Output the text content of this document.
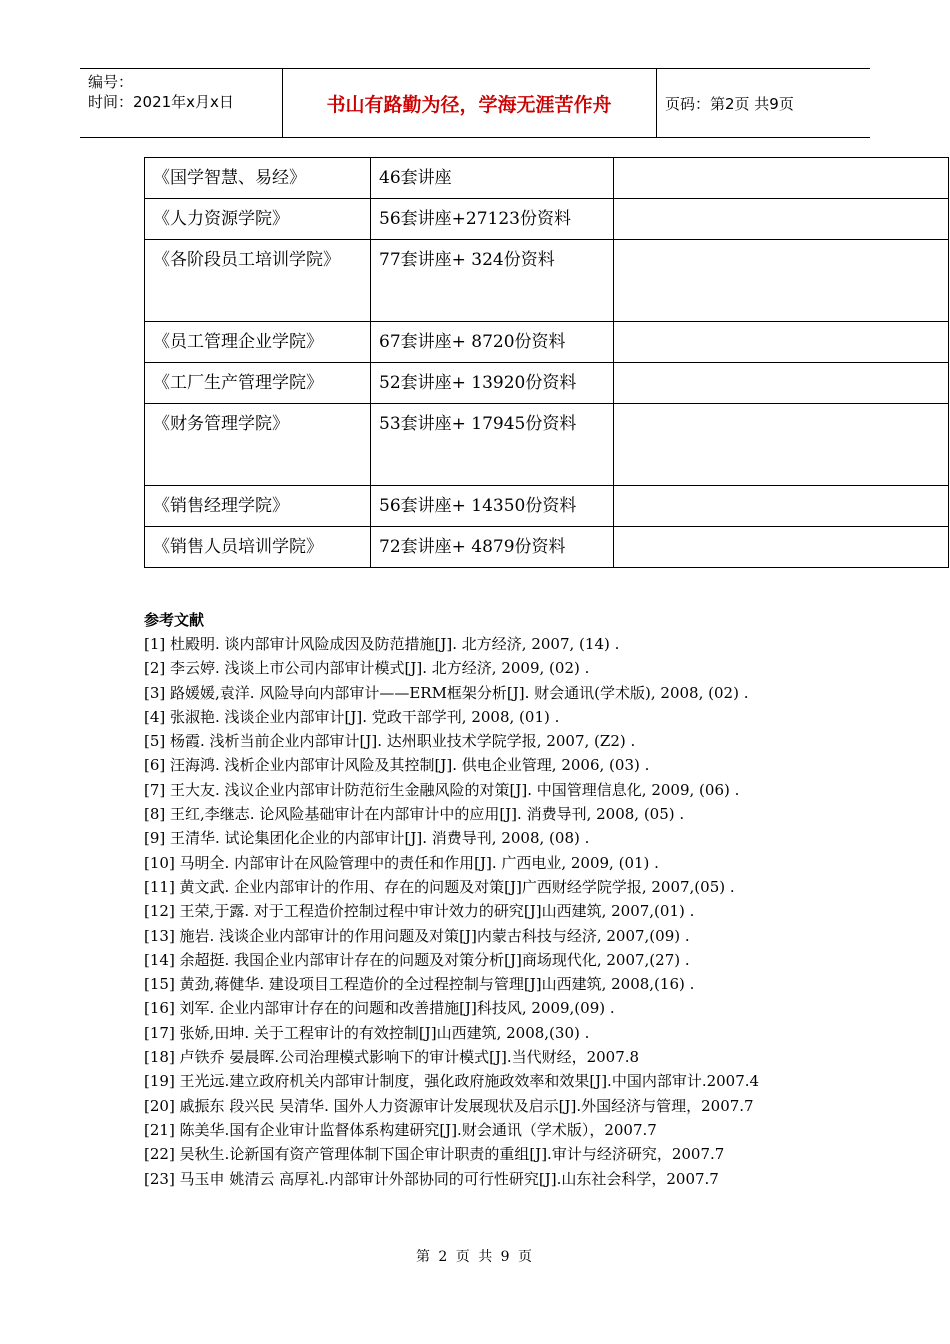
编号：
时间：2021年x月x日	书山有路勤为径，学海无涯苦作舟	页码：第2页 共9页
《国学智慧、易经》	46套讲座	
《人力资源学院》	56套讲座+27123份资料	
《各阶段员工培训学院》	77套讲座+ 324份资料	
《员工管理企业学院》	67套讲座+ 8720份资料	
《工厂生产管理学院》	52套讲座+ 13920份资料	
《财务管理学院》	53套讲座+ 17945份资料	
《销售经理学院》	56套讲座+ 14350份资料	
《销售人员培训学院》	72套讲座+ 4879份资料	
参考文献
[1] 杜殿明. 谈内部审计风险成因及防范措施[J]. 北方经济, 2007, (14) .
[2] 李云婷. 浅谈上市公司内部审计模式[J]. 北方经济, 2009, (02) .
[3] 路媛媛,袁洋. 风险导向内部审计——ERM框架分析[J]. 财会通讯(学术版), 2008, (02) .
[4] 张淑艳. 浅谈企业内部审计[J]. 党政干部学刊, 2008, (01) .
[5] 杨霞. 浅析当前企业内部审计[J]. 达州职业技术学院学报, 2007, (Z2) .
[6] 汪海鸿. 浅析企业内部审计风险及其控制[J]. 供电企业管理, 2006, (03) .
[7] 王大友. 浅议企业内部审计防范衍生金融风险的对策[J]. 中国管理信息化, 2009, (06) .
[8] 王红,李继志. 论风险基础审计在内部审计中的应用[J]. 消费导刊, 2008, (05) .
[9] 王清华. 试论集团化企业的内部审计[J]. 消费导刊, 2008, (08) .
[10] 马明全. 内部审计在风险管理中的责任和作用[J]. 广西电业, 2009, (01) .
[11] 黄文武. 企业内部审计的作用、存在的问题及对策[J]广西财经学院学报, 2007,(05) .
[12] 王荣,于露. 对于工程造价控制过程中审计效力的研究[J]山西建筑, 2007,(01) .
[13] 施岩. 浅谈企业内部审计的作用问题及对策[J]内蒙古科技与经济, 2007,(09) .
[14] 余超挺. 我国企业内部审计存在的问题及对策分析[J]商场现代化, 2007,(27) .
[15] 黄劲,蒋健华. 建设项目工程造价的全过程控制与管理[J]山西建筑, 2008,(16) .
[16] 刘军. 企业内部审计存在的问题和改善措施[J]科技风, 2009,(09) .
[17] 张娇,田坤. 关于工程审计的有效控制[J]山西建筑, 2008,(30) .
[18] 卢铁乔 晏晨晖.公司治理模式影响下的审计模式[J].当代财经，2007.8
[19] 王光远.建立政府机关内部审计制度，强化政府施政效率和效果[J].中国内部审计.2007.4
[20] 戚振东 段兴民 吴清华. 国外人力资源审计发展现状及启示[J].外国经济与管理，2007.7
[21] 陈美华.国有企业审计监督体系构建研究[J].财会通讯（学术版），2007.7
[22] 吴秋生.论新国有资产管理体制下国企审计职责的重组[J].审计与经济研究，2007.7
[23] 马玉申 姚清云 高厚礼.内部审计外部协同的可行性研究[J].山东社会科学，2007.7
第 2 页 共 9 页
